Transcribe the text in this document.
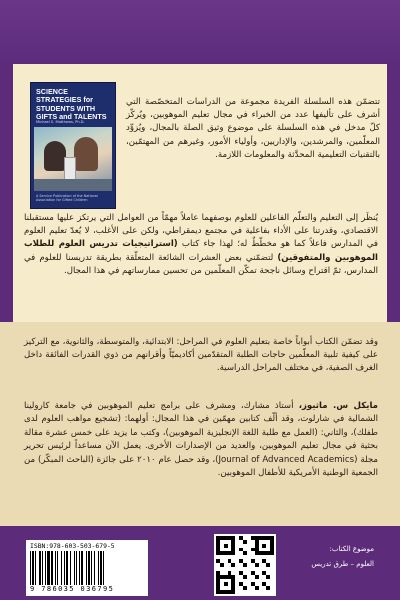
SCIENCE STRATEGIES for STUDENTS WITH GIFTS and TALENTS
Michael S. Matthews, Ph.D.
A Service Publication of the National Association for Gifted Children
تتضمّن هذه السلسلة الفريدة مجموعة من الدراسات المتخصّصة التي أشرف على تأليفها عدد من الخبراء في مجال تعليم الموهوبين، ويُركّز كلّ مدخل في هذه السلسلة على موضوع وثيق الصلة بالمجال، ويُزوِّد المعلّمين، والمرشدين، والإداريين، وأولياء الأمور، وغيرهم من المهتمّين، بالتقنيات التعليمية المحدَّثة والمعلومات اللازمة.
يُنظَر إلى التعليم والتعلّم الفاعلين للعلوم بوصفهما عاملاً مهمّاً من العوامل التي يرتكز عليها مستقبلنا الاقتصادي، وقدرتنا على الأداء بفاعلية في مجتمع ديمقراطي، ولكن على الأغلب، لا يُعدّ تعليم العلوم في المدارس فاعلاً كما هو مخطّطٌ له؛ لهذا جاء كتاب (استراتيجيات تدريس العلوم للطلاب الموهوبين والمتفوقين) لتضمّني بعض العشرات الشائعة المتعلّقة بطريقة تدريسنا للعلوم في المدارس، ثمّ اقتراح وسائل ناجحة تمكّن المعلّمين من تحسين ممارساتهم في هذا المجال.
وقد تضمّن الكتاب أبواباً خاصة بتعليم العلوم في المراحل: الابتدائية، والمتوسطة، والثانوية، مع التركيز على كيفية تلبية المعلّمين حاجات الطلبة المتقدّمين أكاديميّاً وأقرانهم من ذوي القدرات الفائقة داخل الغرف الصفية، في مختلف المراحل الدراسية.
مايكل س. ماثيوز، أستاذ مشارك، ومشرف على برامج تعليم الموهوبين في جامعة كارولينا الشمالية في شارلوت، وقد ألّف كتابين مهمّين في هذا المجال: أولهما: (تشجيع مواهب العلوم لدى طفلك)، والثاني: (العمل مع طلبة اللغة الإنجليزية الموهوبين)، وكتب ما يزيد على خمس عشرة مقالة بحثية في مجال تعليم الموهوبين، والعديد من الإصدارات الأخرى. يعمل الآن مساعداً لرئيس تحرير مجلة (Journal of Advanced Academics)، وقد حصل عام ٢٠١٠ على جائزة (الباحث المبكّر) من الجمعية الوطنية الأمريكية للأطفال الموهوبين.
ISBN:978-603-503-679-5
9 786035 036795
موضوع الكتاب:
العلوم – طرق تدريس
